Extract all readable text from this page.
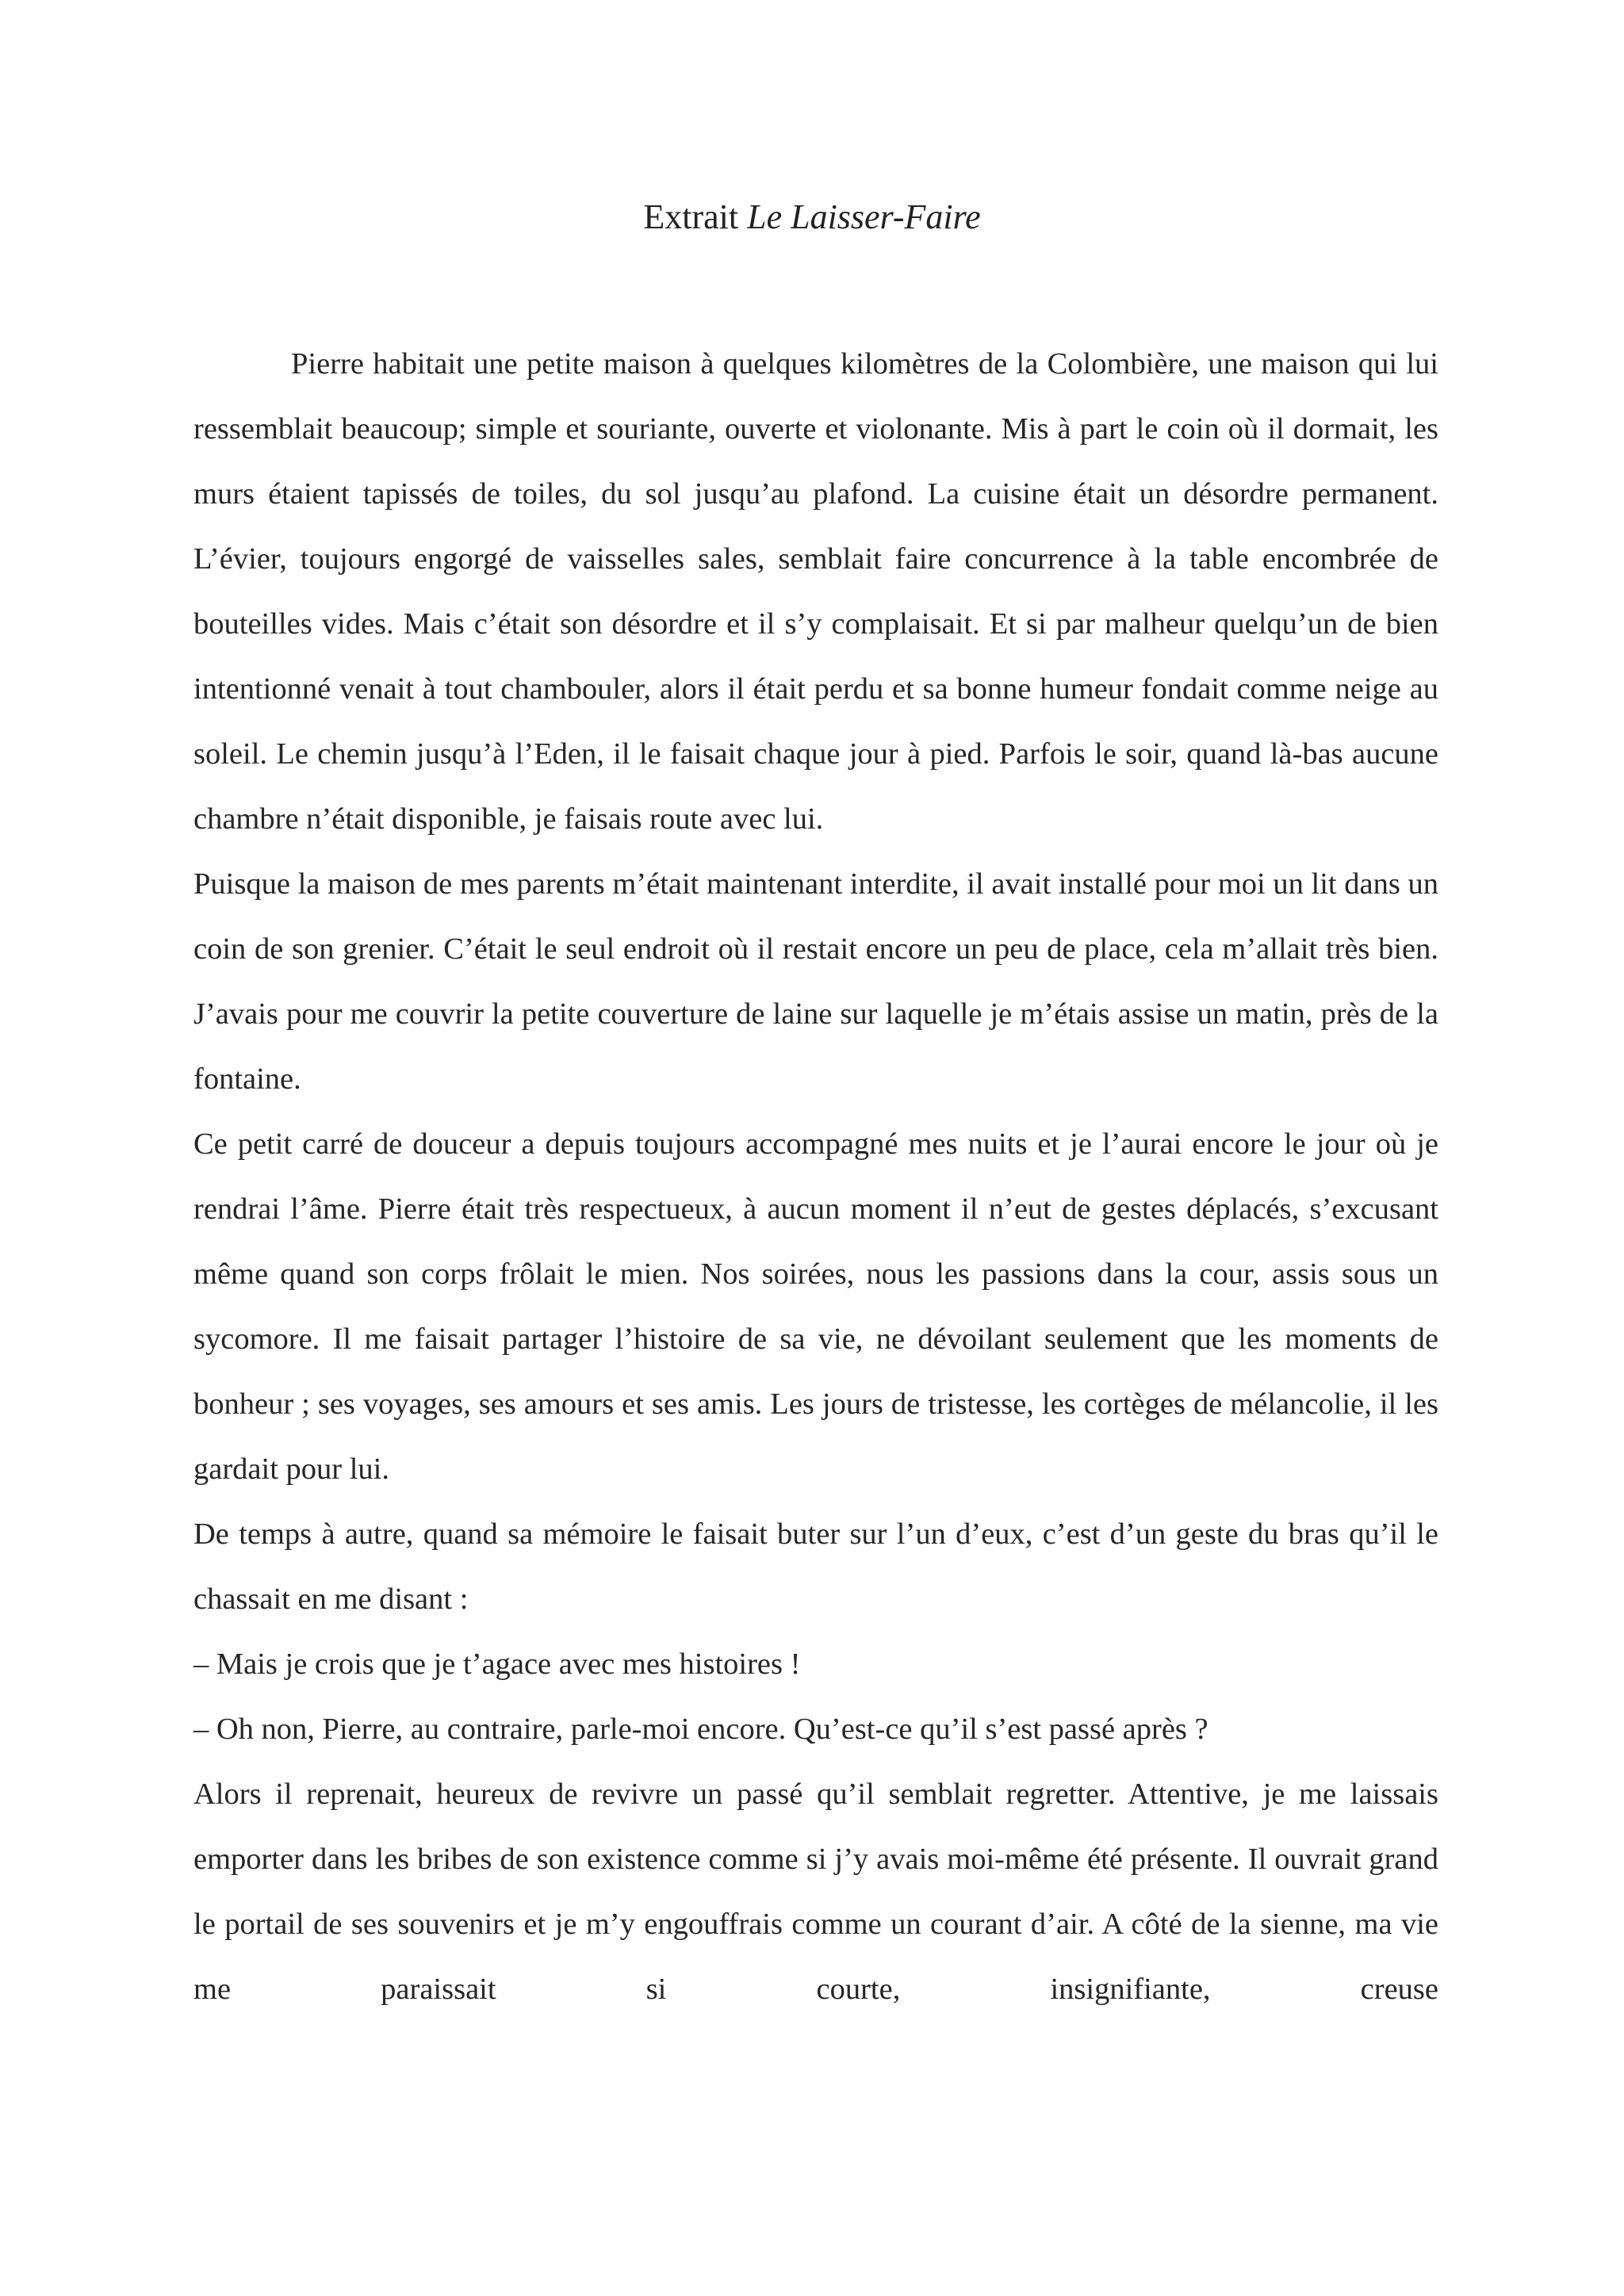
Extrait Le Laisser-Faire

Pierre habitait une petite maison à quelques kilomètres de la Colombière, une maison qui lui ressemblait beaucoup; simple et souriante, ouverte et violonante. Mis à part le coin où il dormait, les murs étaient tapissés de toiles, du sol jusqu’au plafond. La cuisine était un désordre permanent. L’évier, toujours engorgé de vaisselles sales, semblait faire concurrence à la table encombrée de bouteilles vides. Mais c’était son désordre et il s’y complaisait. Et si par malheur quelqu’un de bien intentionné venait à tout chambouler, alors il était perdu et sa bonne humeur fondait comme neige au soleil. Le chemin jusqu’à l’Eden, il le faisait chaque jour à pied. Parfois le soir, quand là-bas aucune chambre n’était disponible, je faisais route avec lui.

Puisque la maison de mes parents m’était maintenant interdite, il avait installé pour moi un lit dans un coin de son grenier. C’était le seul endroit où il restait encore un peu de place, cela m’allait très bien. J’avais pour me couvrir la petite couverture de laine sur laquelle je m’étais assise un matin, près de la fontaine.

Ce petit carré de douceur a depuis toujours accompagné mes nuits et je l’aurai encore le jour où je rendrai l’âme. Pierre était très respectueux, à aucun moment il n’eut de gestes déplacés, s’excusant même quand son corps frôlait le mien. Nos soirées, nous les passions dans la cour, assis sous un sycomore. Il me faisait partager l’histoire de sa vie, ne dévoilant seulement que les moments de bonheur ; ses voyages, ses amours et ses amis. Les jours de tristesse, les cortèges de mélancolie, il les gardait pour lui.

De temps à autre, quand sa mémoire le faisait buter sur l’un d’eux, c’est d’un geste du bras qu’il le chassait en me disant :

– Mais je crois que je t’agace avec mes histoires !

– Oh non, Pierre, au contraire, parle-moi encore. Qu’est-ce qu’il s’est passé après ?

Alors il reprenait, heureux de revivre un passé qu’il semblait regretter. Attentive, je me laissais emporter dans les bribes de son existence comme si j’y avais moi-même été présente. Il ouvrait grand le portail de ses souvenirs et je m’y engouffrais comme un courant d’air. A côté de la sienne, ma vie me paraissait si courte, insignifiante, creuse
